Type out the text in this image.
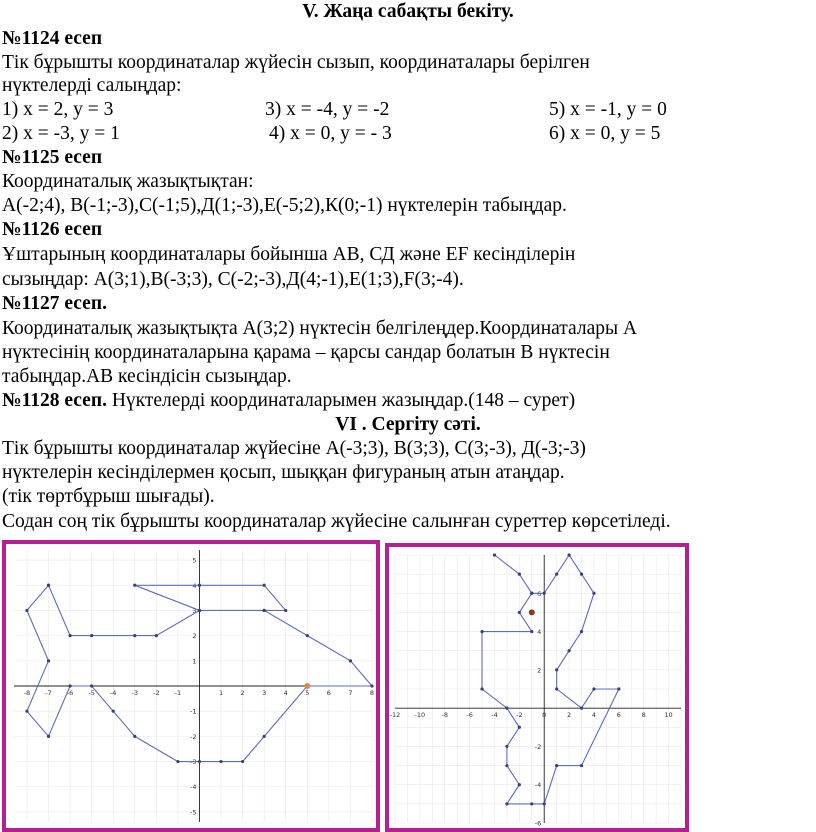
V. Жаңа сабақты бекіту.
№1124 есеп
Тік бұрышты координаталар жүйесін сызып, координаталары берілген
нүктелерді салыңдар:
1) x = 2, y = 3	3) x = -4, y = -2	5) x = -1, y = 0
2) x = -3, y = 1	4) x = 0, y = - 3	6) x = 0, y = 5
№1125 есеп
Координаталық жазықтықтан:
А(-2;4), В(-1;-3),С(-1;5),Д(1;-3),Е(-5;2),К(0;-1) нүктелерін табыңдар.
№1126 есеп
Ұштарының координаталары бойынша АВ, СД және EF кесінділерін
сызыңдар: A(3;1),B(-3;3), C(-2;-3),Д(4;-1),E(1;3),F(3;-4).
№1127 есеп.
Координаталық жазықтықта А(3;2) нүктесін белгілеңдер.Координаталары А
нүктесінің координаталарына қарама – қарсы сандар болатын В нүктесін
табыңдар.АВ кесіндісін сызыңдар.
№1128 есеп. Нүктелерді координаталарымен жазыңдар.(148 – сурет)
VI . Сергіту сәті.
Тік бұрышты координаталар жүйесіне А(-3;3), В(3;3), С(3;-3), Д(-3;-3)
нүктелерін кесінділермен қосып, шыққан фигураның атын атаңдар.
(тік төртбұрыш шығады).
Содан соң тік бұрышты координаталар жүйесіне салынған суреттер көрсетіледі.
-8 -7 -6 -5 -4 -3 -2 -1	1	2	3	4	5	6	7	8
-5
-4
-3
-2
-1
1
2
3
4
5
-12 -10	-8	-6	-4	-2	0	2	4	6	8	10
-6
-4
-2
2
4
6
